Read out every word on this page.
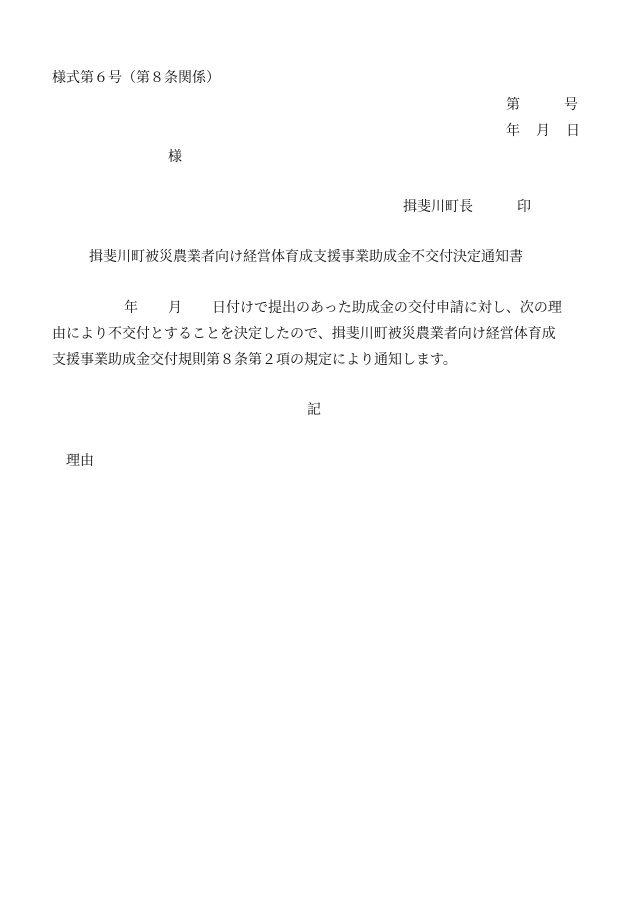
様式第６号（第８条関係）
第	号
年 月 日
様
揖斐川町長	印
揖斐川町被災農業者向け経営体育成支援事業助成金不交付決定通知書
年 月 日付けで提出のあった助成金の交付申請に対し、次の理
由により不交付とすることを決定したので、揖斐川町被災農業者向け経営体育成
支援事業助成金交付規則第８条第２項の規定により通知します。
記
理由
